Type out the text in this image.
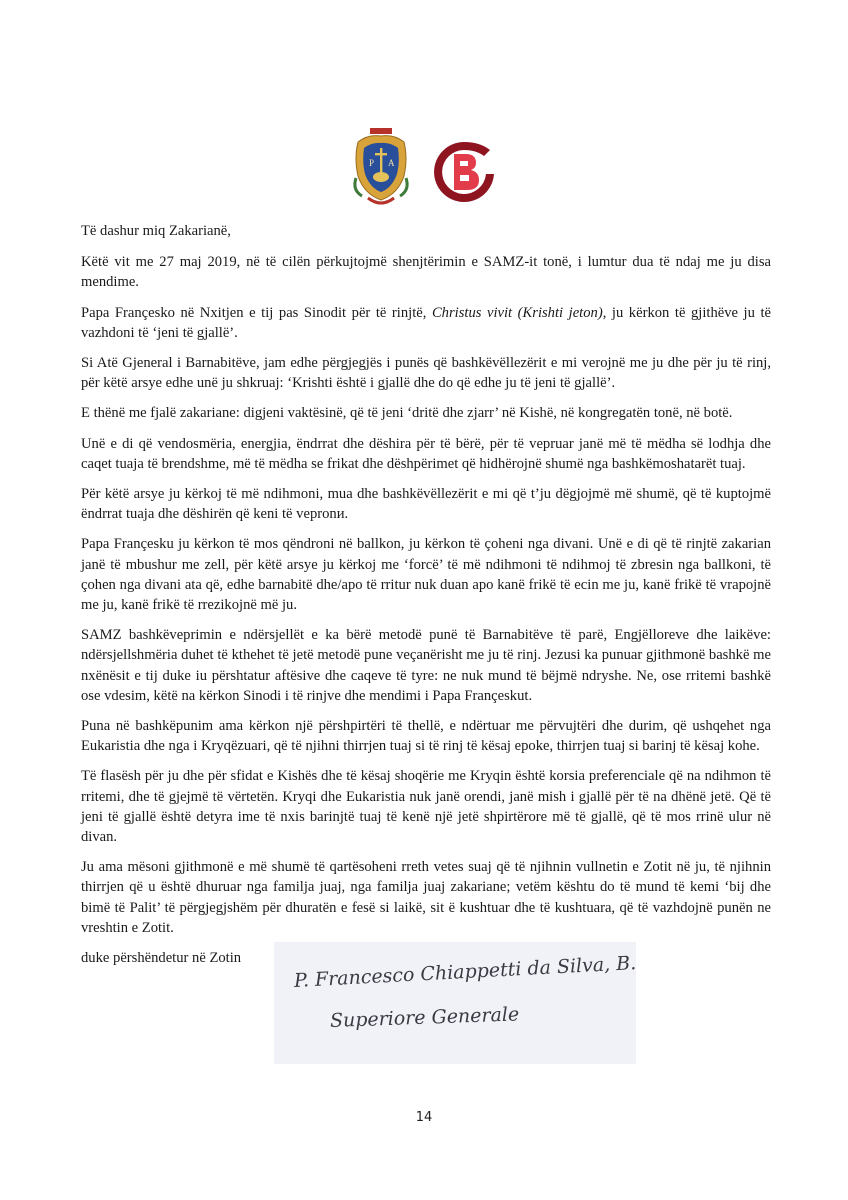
P A
B

Të dashur miq Zakarianë,

Këtë vit me 27 maj 2019, në të cilën përkujtojmë shenjtërimin e SAMZ-it tonë, i lumtur dua të ndaj me ju disa mendime.

Papa Françesko në Nxitjen e tij pas Sinodit për të rinjtë, Christus vivit (Krishti jeton), ju kërkon të gjithëve ju të vazhdoni të ‘jeni të gjallë’.

Si Atë Gjeneral i Barnabitëve, jam edhe përgjegjës i punës që bashkëvëllezërit e mi verojnë me ju dhe për ju të rinj, për këtë arsye edhe unë ju shkruaj: ‘Krishti është i gjallë dhe do që edhe ju të jeni të gjallë’.

E thënë me fjalë zakariane: digjeni vaktësinë, që të jeni ‘dritë dhe zjarr’ në Kishë, në kongregatën tonë, në botë.

Unë e di që vendosmëria, energjia, ëndrrat dhe dëshira për të bërë, për të vepruar janë më të mëdha së lodhja dhe caqet tuaja të brendshme, më të mëdha se frikat dhe dëshpërimet që hidhërojnë shumë nga bashkëmoshatarët tuaj.

Për këtë arsye ju kërkoj të më ndihmoni, mua dhe bashkëvëllezërit e mi që t’ju dëgjojmë më shumë, që të kuptojmë ëndrrat tuaja dhe dëshirën që keni të vepronи.

Papa Françesku ju kërkon të mos qëndroni në ballkon, ju kërkon të çoheni nga divani. Unë e di që të rinjtë zakarian janë të mbushur me zell, për këtë arsye ju kërkoj me ‘forcë’ të më ndihmoni të ndihmoj të zbresin nga ballkoni, të çohen nga divani ata që, edhe barnabitë dhe/apo të rritur nuk duan apo kanë frikë të ecin me ju, kanë frikë të vrapojnë me ju, kanë frikë të rrezikojnë më ju.

SAMZ bashkëveprimin e ndërsjellët e ka bërë metodë punë të Barnabitëve të parë, Engjëlloreve dhe laikëve: ndërsjellshmëria duhet të kthehet të jetë metodë pune veçanërisht me ju të rinj. Jezusi ka punuar gjithmonë bashkë me nxënësit e tij duke iu përshtatur aftësive dhe caqeve të tyre: ne nuk mund të bëjmë ndryshe. Ne, ose rritemi bashkë ose vdesim, këtë na kërkon Sinodi i të rinjve dhe mendimi i Papa Françeskut.

Puna në bashkëpunim ama kërkon një përshpirtëri të thellë, e ndërtuar me përvujtëri dhe durim, që ushqehet nga Eukaristia dhe nga i Kryqëzuari, që të njihni thirrjen tuaj si të rinj të kësaj epoke, thirrjen tuaj si barinj të kësaj kohe.

Të flasësh për ju dhe për sfidat e Kishës dhe të kësaj shoqërie me Kryqin është korsia preferenciale që na ndihmon të rritemi, dhe të gjejmë të vërtetën. Kryqi dhe Eukaristia nuk janë orendi, janë mish i gjallë për të na dhënë jetë. Që të jeni të gjallë është detyra ime të nxis barinjtë tuaj të kenë një jetë shpirtërore më të gjallë, që të mos rrinë ulur në divan.

Ju ama mësoni gjithmonë e më shumë të qartësoheni rreth vetes suaj që të njihnin vullnetin e Zotit në ju, të njihnin thirrjen që u është dhuruar nga familja juaj, nga familja juaj zakariane; vetëm kështu do të mund të kemi ‘bij dhe bimë të Palit’ të përgjegjshëm për dhuratën e fesë si laikë, sit ë kushtuar dhe të kushtuara, që të vazhdojnë punën ne vreshtin e Zotit.

duke përshëndetur në Zotin	P. Francesco Chiappetti da Silva, B.
Superiore Generale
14
